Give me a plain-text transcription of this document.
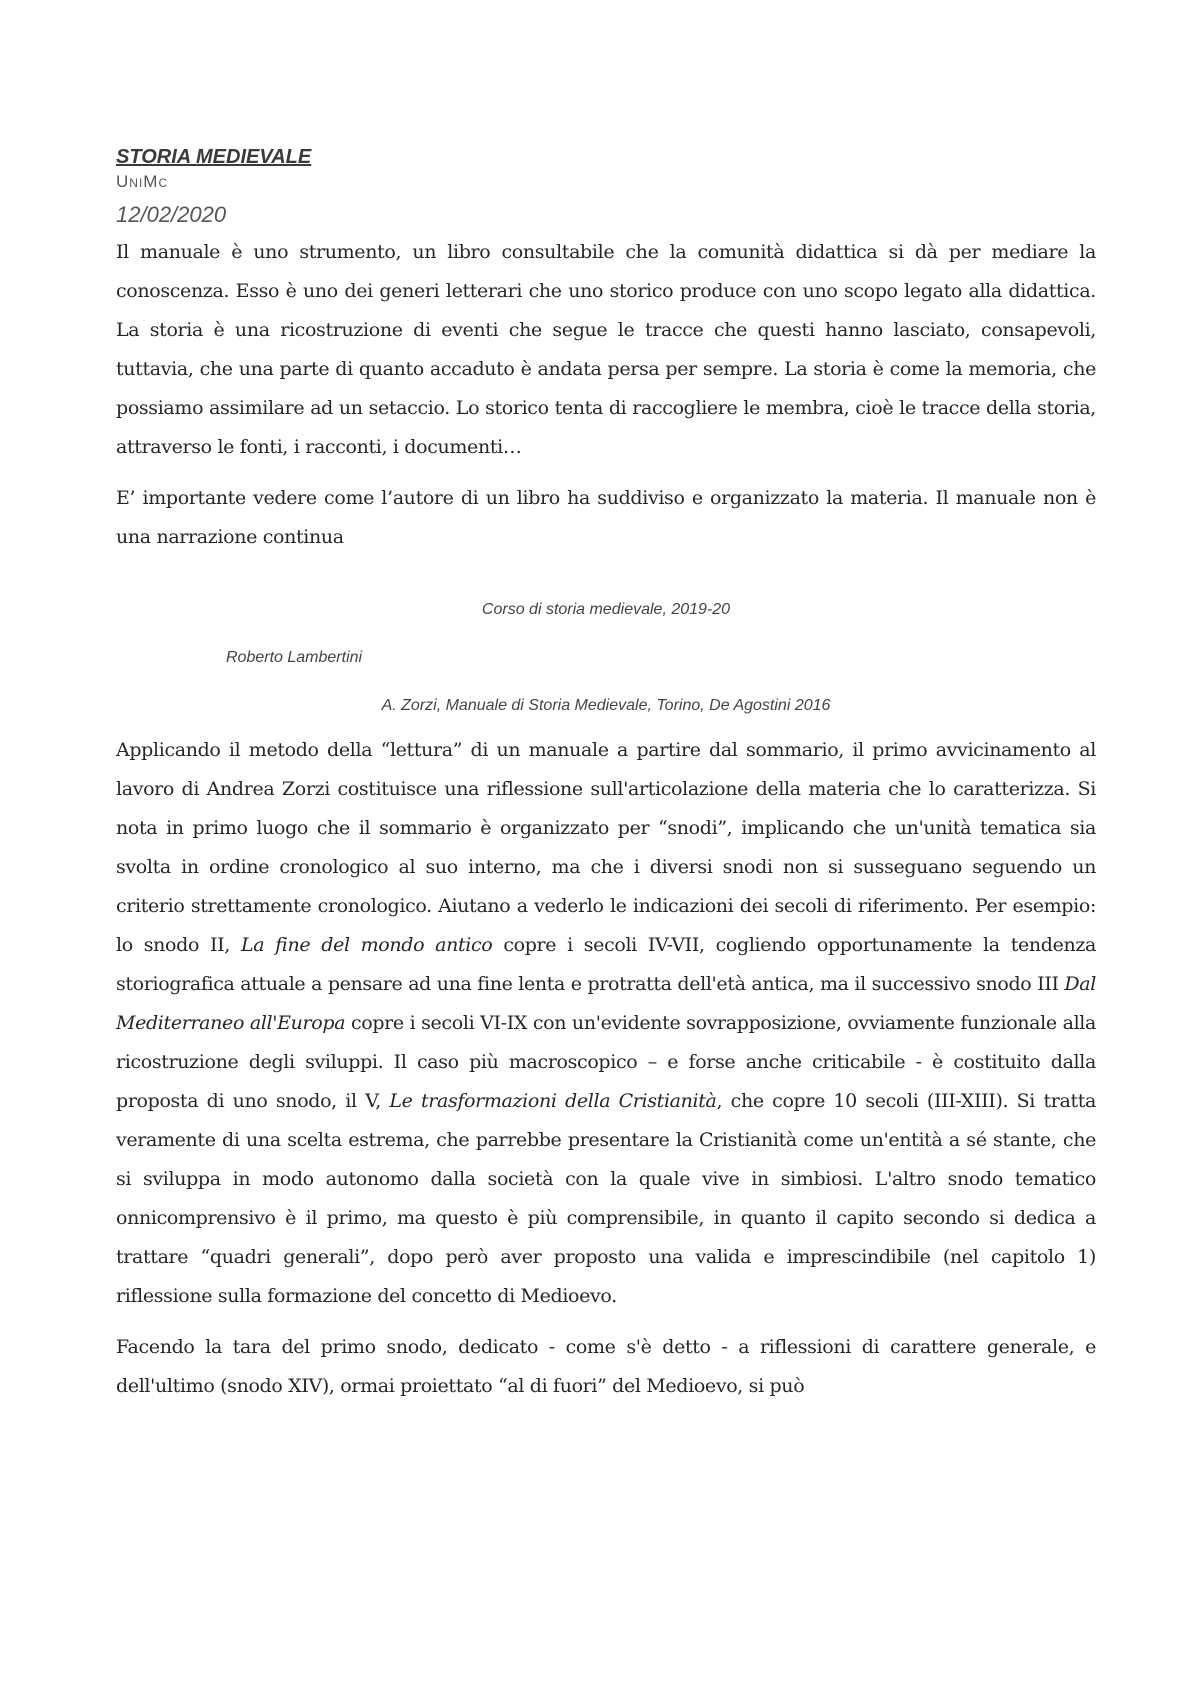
STORIA MEDIEVALE

UniMc

12/02/2020

Il manuale è uno strumento, un libro consultabile che la comunità didattica si dà per mediare la conoscenza. Esso è uno dei generi letterari che uno storico produce con uno scopo legato alla didattica. La storia è una ricostruzione di eventi che segue le tracce che questi hanno lasciato, consapevoli, tuttavia, che una parte di quanto accaduto è andata persa per sempre. La storia è come la memoria, che possiamo assimilare ad un setaccio. Lo storico tenta di raccogliere le membra, cioè le tracce della storia, attraverso le fonti, i racconti, i documenti…

E’ importante vedere come l’autore di un libro ha suddiviso e organizzato la materia. Il manuale non è una narrazione continua

Corso di storia medievale, 2019-20

Roberto Lambertini

A. Zorzi, Manuale di Storia Medievale, Torino, De Agostini 2016

Applicando il metodo della “lettura” di un manuale a partire dal sommario, il primo avvicinamento al lavoro di Andrea Zorzi costituisce una riflessione sull'articolazione della materia che lo caratterizza. Si nota in primo luogo che il sommario è organizzato per “snodi”, implicando che un'unità tematica sia svolta in ordine cronologico al suo interno, ma che i diversi snodi non si susseguano seguendo un criterio strettamente cronologico. Aiutano a vederlo le indicazioni dei secoli di riferimento. Per esempio: lo snodo II, La fine del mondo antico copre i secoli IV-VII, cogliendo opportunamente la tendenza storiografica attuale a pensare ad una fine lenta e protratta dell'età antica, ma il successivo snodo III Dal Mediterraneo all'Europa copre i secoli VI-IX con un'evidente sovrapposizione, ovviamente funzionale alla ricostruzione degli sviluppi. Il caso più macroscopico – e forse anche criticabile - è costituito dalla proposta di uno snodo, il V, Le trasformazioni della Cristianità, che copre 10 secoli (III-XIII). Si tratta veramente di una scelta estrema, che parrebbe presentare la Cristianità come un'entità a sé stante, che si sviluppa in modo autonomo dalla società con la quale vive in simbiosi. L'altro snodo tematico onnicomprensivo è il primo, ma questo è più comprensibile, in quanto il capito secondo si dedica a trattare “quadri generali”, dopo però aver proposto una valida e imprescindibile (nel capitolo 1) riflessione sulla formazione del concetto di Medioevo.

Facendo la tara del primo snodo, dedicato - come s'è detto - a riflessioni di carattere generale, e dell'ultimo (snodo XIV), ormai proiettato “al di fuori” del Medioevo, si può
